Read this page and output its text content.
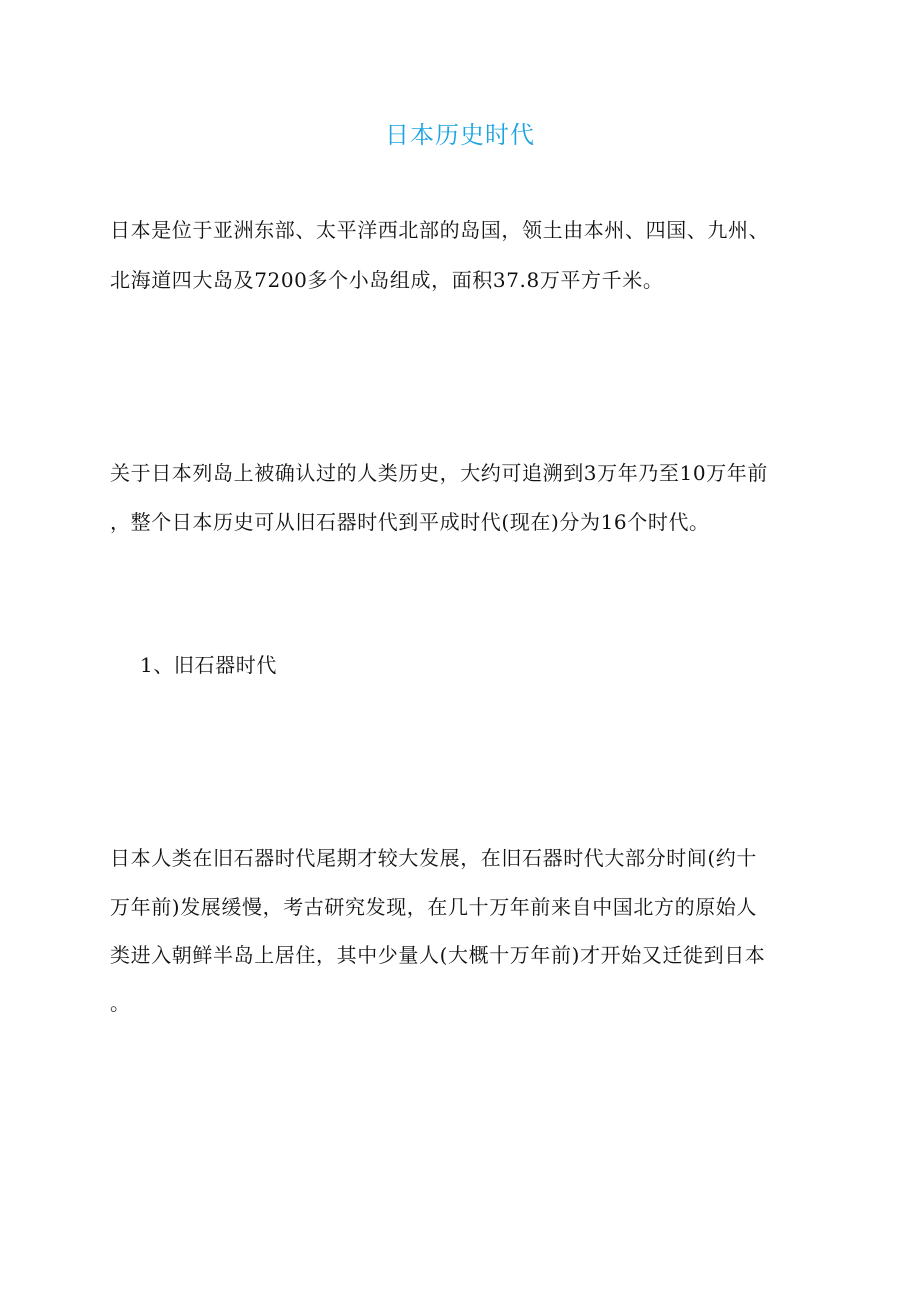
日本历史时代
日本是位于亚洲东部、太平洋西北部的岛国，领土由本州、四国、九州、
北海道四大岛及7200多个小岛组成，面积37.8万平方千米。
关于日本列岛上被确认过的人类历史，大约可追溯到3万年乃至10万年前
，整个日本历史可从旧石器时代到平成时代(现在)分为16个时代。
1、旧石器时代
日本人类在旧石器时代尾期才较大发展，在旧石器时代大部分时间(约十
万年前)发展缓慢，考古研究发现，在几十万年前来自中国北方的原始人
类进入朝鲜半岛上居住，其中少量人(大概十万年前)才开始又迁徙到日本
。
